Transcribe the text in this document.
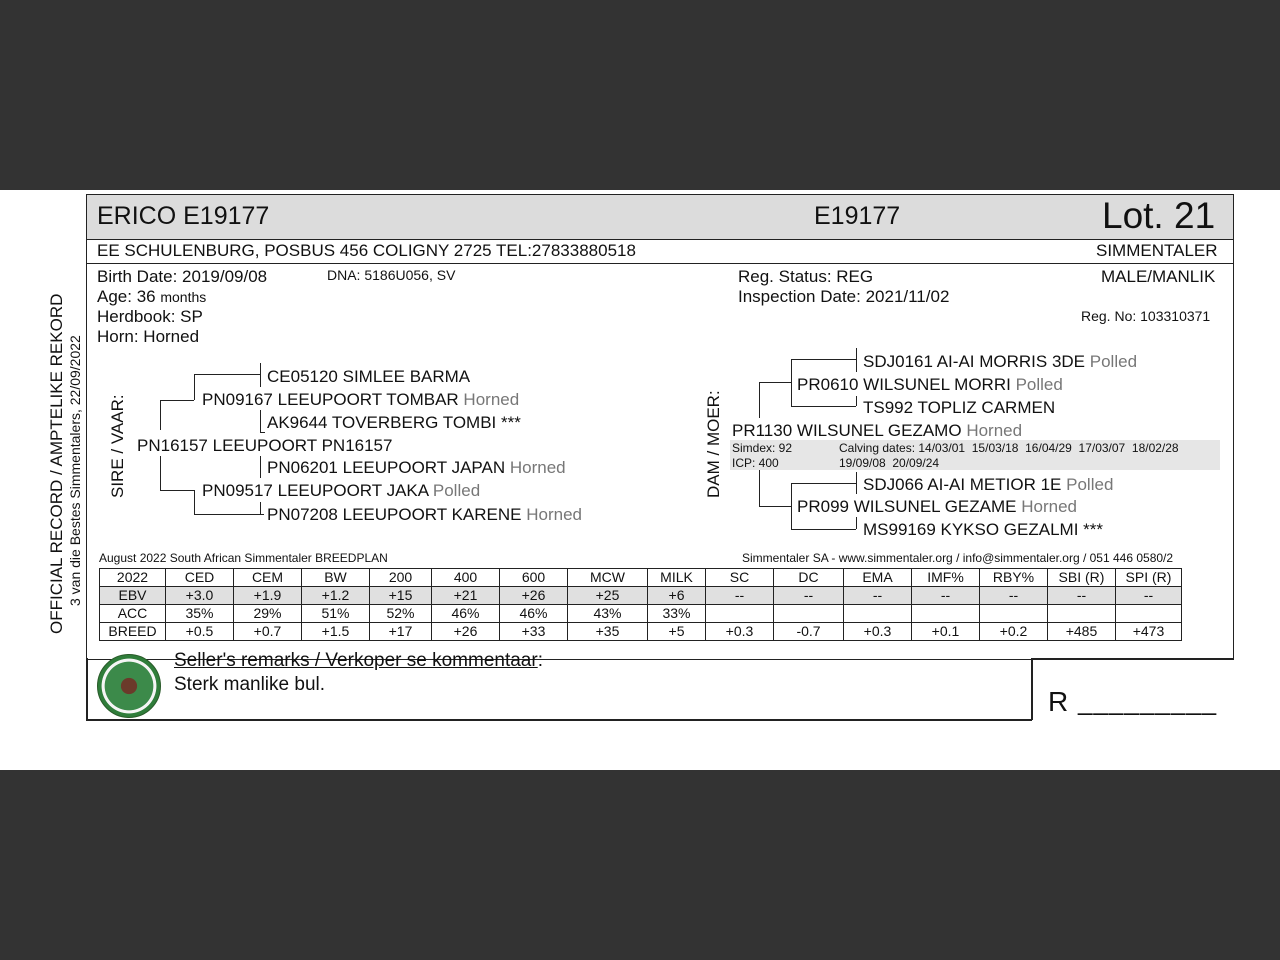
OFFICIAL RECORD / AMPTELIKE REKORD 3 van die Bestes Simmentalers, 22/09/2022
ERICO E19177	E19177	Lot. 21
EE SCHULENBURG, POSBUS 456 COLIGNY 2725 TEL:27833880518	SIMMENTALER
Birth Date: 2019/09/08	DNA: 5186U056, SV
Age: 36 months
Herdbook: SP
Horn: Horned
Reg. Status: REG
Inspection Date: 2021/11/02
MALE/MANLIK
Reg. No: 103310371
SIRE / VAAR:
CE05120 SIMLEE BARMA
PN09167 LEEUPOORT TOMBAR Horned
AK9644 TOVERBERG TOMBI ***
PN16157 LEEUPOORT PN16157
PN06201 LEEUPOORT JAPAN Horned
PN09517 LEEUPOORT JAKA Polled
PN07208 LEEUPOORT KARENE Horned
DAM / MOER:
SDJ0161 AI-AI MORRIS 3DE Polled
PR0610 WILSUNEL MORRI Polled
TS992 TOPLIZ CARMEN
PR1130 WILSUNEL GEZAMO Horned
Simdex: 92
ICP: 400
Calving dates: 14/03/01  15/03/18  16/04/29  17/03/07  18/02/28
19/09/08  20/09/24
SDJ066 AI-AI METIOR 1E Polled
PR099 WILSUNEL GEZAME Horned
MS99169 KYKSO GEZALMI ***
August 2022 South African Simmentaler BREEDPLAN	Simmentaler SA - www.simmentaler.org / info@simmentaler.org / 051 446 0580/2
2022	CED	CEM	BW	200	400	600	MCW	MILK	SC	DC	EMA	IMF%	RBY%	SBI (R)	SPI (R)
EBV	+3.0	+1.9	+1.2	+15	+21	+26	+25	+6	--	--	--	--	--	--	--
ACC	35%	29%	51%	52%	46%	46%	43%	33%							
BREED	+0.5	+0.7	+1.5	+17	+26	+33	+35	+5	+0.3	-0.7	+0.3	+0.1	+0.2	+485	+473
Seller's remarks / Verkoper se kommentaar:
Sterk manlike bul.
R _________
